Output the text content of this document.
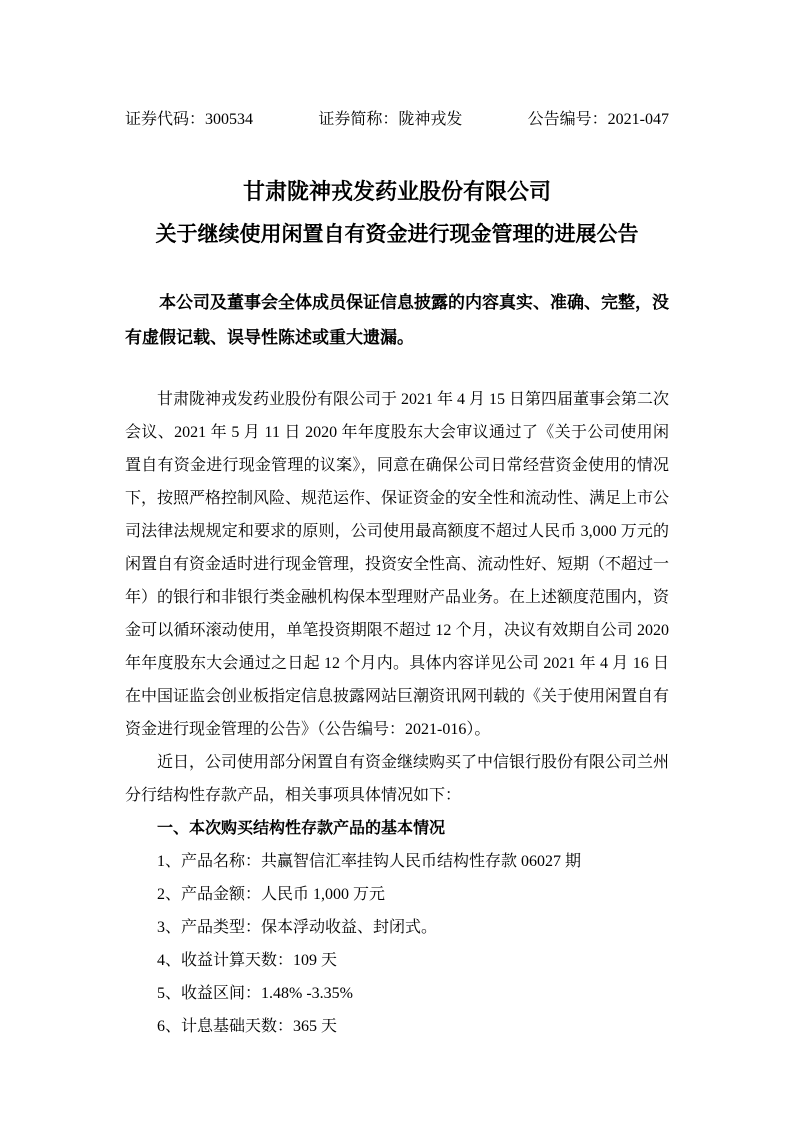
证券代码：300534	证券简称：陇神戎发	公告编号：2021-047
甘肃陇神戎发药业股份有限公司
关于继续使用闲置自有资金进行现金管理的进展公告

本公司及董事会全体成员保证信息披露的内容真实、准确、完整，没有虚假记载、误导性陈述或重大遗漏。

甘肃陇神戎发药业股份有限公司于 2021 年 4 月 15 日第四届董事会第二次会议、2021 年 5 月 11 日 2020 年年度股东大会审议通过了《关于公司使用闲置自有资金进行现金管理的议案》，同意在确保公司日常经营资金使用的情况下，按照严格控制风险、规范运作、保证资金的安全性和流动性、满足上市公司法律法规规定和要求的原则，公司使用最高额度不超过人民币 3,000 万元的闲置自有资金适时进行现金管理，投资安全性高、流动性好、短期（不超过一年）的银行和非银行类金融机构保本型理财产品业务。在上述额度范围内，资金可以循环滚动使用，单笔投资期限不超过 12 个月，决议有效期自公司 2020 年年度股东大会通过之日起 12 个月内。具体内容详见公司 2021 年 4 月 16 日在中国证监会创业板指定信息披露网站巨潮资讯网刊载的《关于使用闲置自有资金进行现金管理的公告》（公告编号：2021-016）。

近日，公司使用部分闲置自有资金继续购买了中信银行股份有限公司兰州分行结构性存款产品，相关事项具体情况如下：

一、本次购买结构性存款产品的基本情况

1、产品名称：共赢智信汇率挂钩人民币结构性存款 06027 期

2、产品金额：人民币 1,000 万元

3、产品类型：保本浮动收益、封闭式。

4、收益计算天数：109 天

5、收益区间：1.48% -3.35%

6、计息基础天数：365 天
